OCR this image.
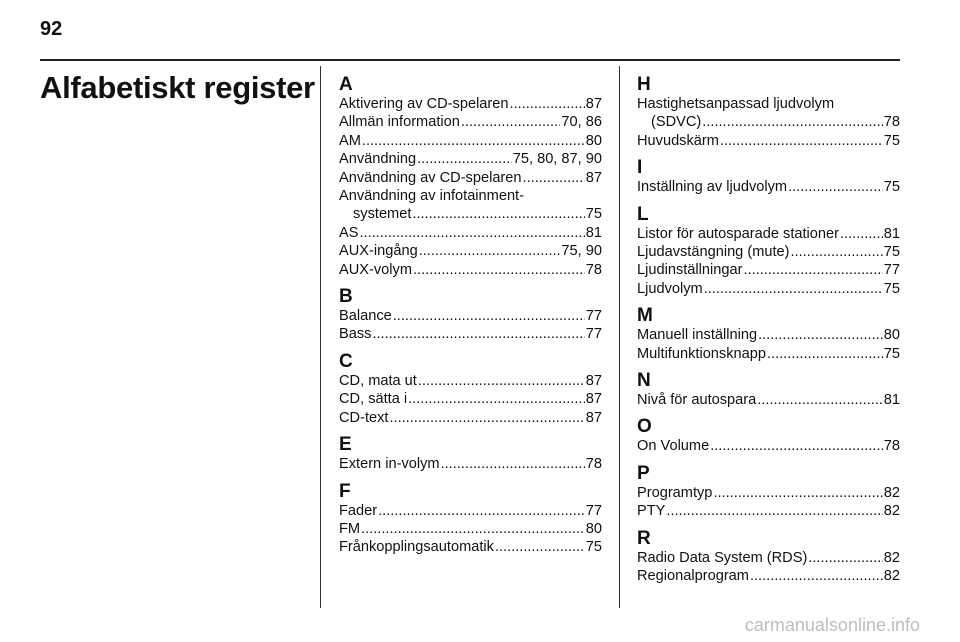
92
Alfabetiskt register A
Aktivering av CD-spelaren .....	87
Allmän information .....	70, 86
AM .....	80
Användning .....	75, 80, 87, 90
Användning av CD-spelaren .....	87
Användning av infotainment-
systemet .....	75
AS .....	81
AUX-ingång .....	75, 90
AUX-volym .....	78
B
Balance .....	77
Bass .....	77
C
CD, mata ut .....	87
CD, sätta i .....	87
CD-text .....	87
E
Extern in-volym .....	78
F
Fader .....	77
FM .....	80
Frånkopplingsautomatik .....	75
H
Hastighetsanpassad ljudvolym
(SDVC) .....	78
Huvudskärm .....	75
I
Inställning av ljudvolym .....	75
L
Listor för autosparade stationer .....	81
Ljudavstängning (mute) .....	75
Ljudinställningar .....	77
Ljudvolym .....	75
M
Manuell inställning .....	80
Multifunktionsknapp .....	75
N
Nivå för autospara .....	81
O
On Volume .....	78
P
Programtyp .....	82
PTY .....	82
R
Radio Data System (RDS) .....	82
Regionalprogram .....	82
carmanualsonline.info
